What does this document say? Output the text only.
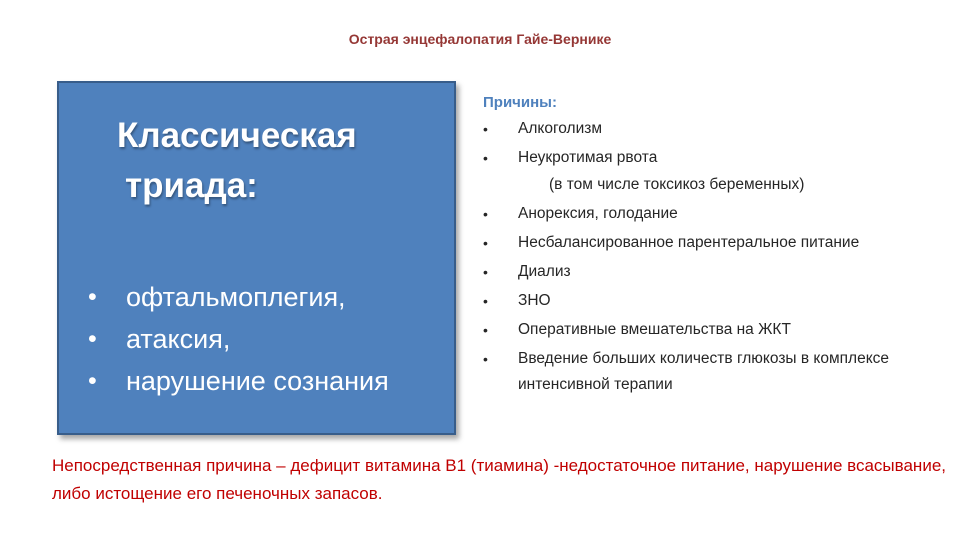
Острая энцефалопатия Гайе-Вернике
Классическая
триада:
• офтальмоплегия,
• атаксия,
• нарушение сознания
Причины:
• Алкоголизм
• Неукротимая рвота
(в том числе токсикоз беременных)
• Анорексия, голодание
• Несбалансированное парентеральное питание
• Диализ
• ЗНО
• Оперативные вмешательства на ЖКТ
• Введение больших количеств глюкозы в комплексе интенсивной терапии

Непосредственная причина – дефицит витамина В1 (тиамина) -недостаточное питание, нарушение всасывание, либо истощение его печеночных запасов.
